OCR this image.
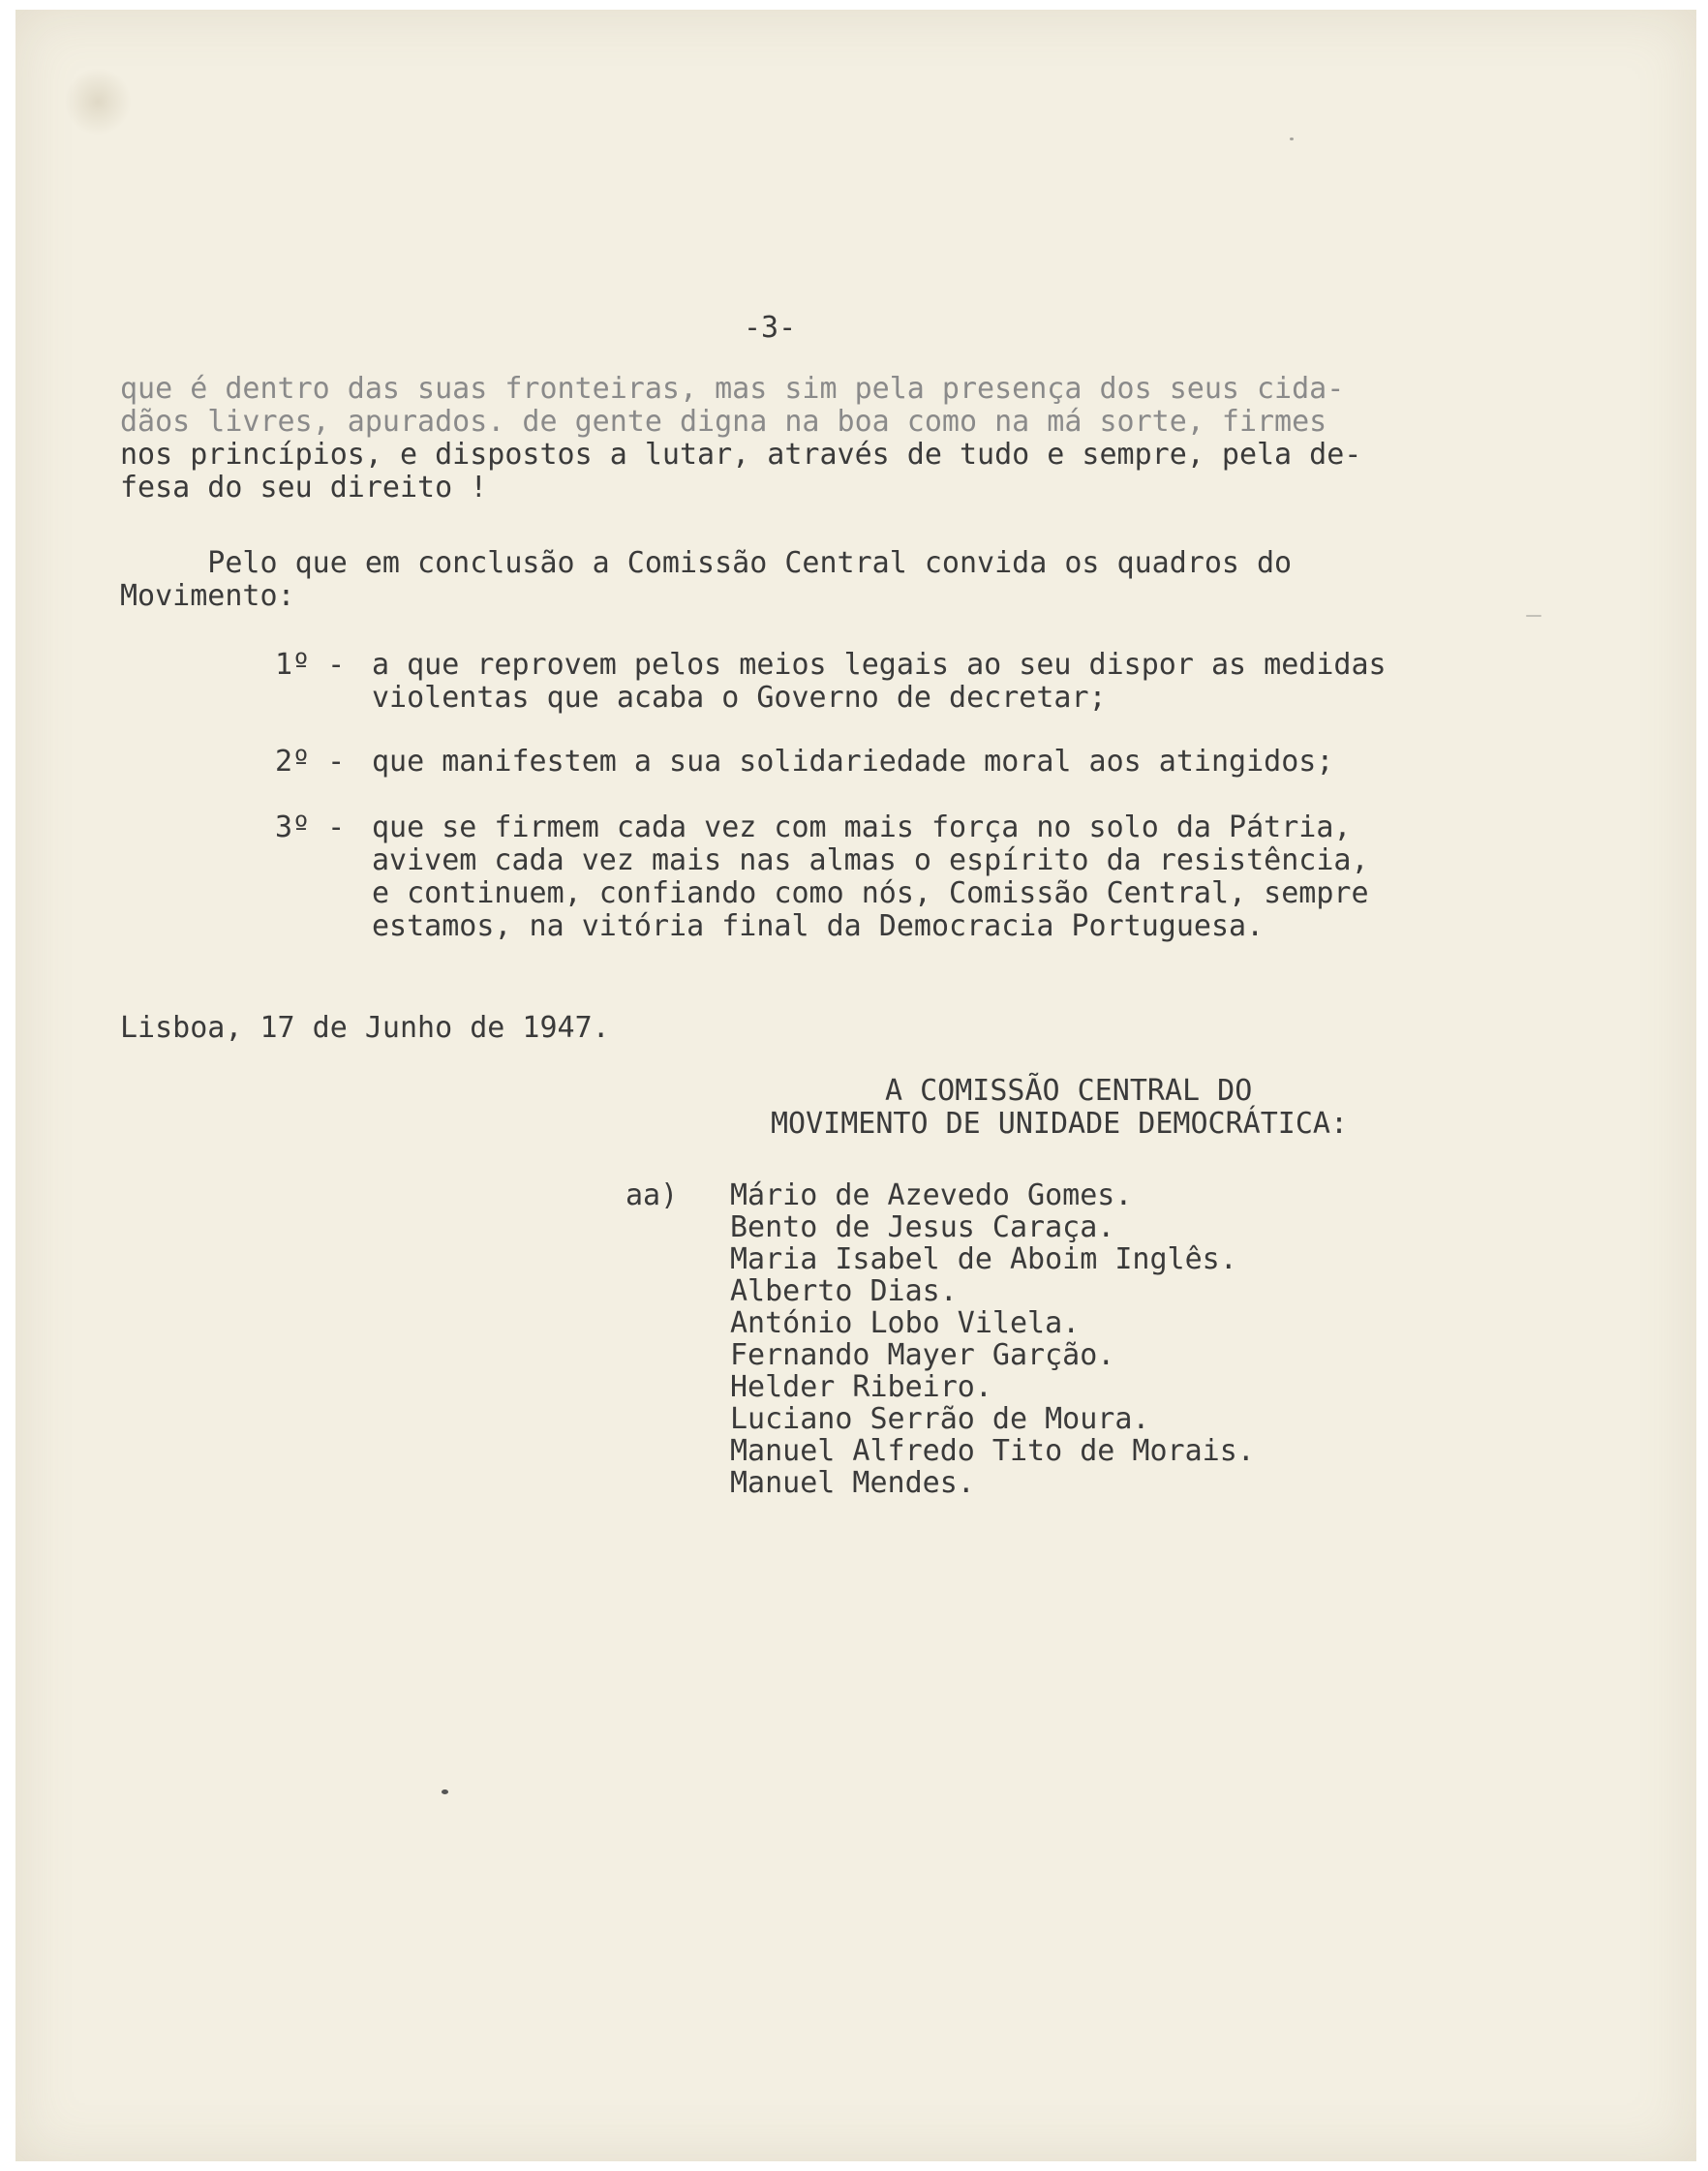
-3-

que é dentro das suas fronteiras, mas sim pela presença dos seus cida-

dãos livres, apurados. de gente digna na boa como na má sorte, firmes

nos princípios, e dispostos a lutar, através de tudo e sempre, pela de-

fesa do seu direito !

Pelo que em conclusão a Comissão Central convida os quadros do

Movimento:

1º - a que reprovem pelos meios legais ao seu dispor as medidas
violentas que acaba o Governo de decretar;
2º - que manifestem a sua solidariedade moral aos atingidos;
3º - que se firmem cada vez com mais força no solo da Pátria,
avivem cada vez mais nas almas o espírito da resistência,
e continuem, confiando como nós, Comissão Central, sempre
estamos, na vitória final da Democracia Portuguesa.

Lisboa, 17 de Junho de 1947.

A COMISSÃO CENTRAL DO

MOVIMENTO DE UNIDADE DEMOCRÁTICA:

aa) Mário de Azevedo Gomes.
Bento de Jesus Caraça.
Maria Isabel de Aboim Inglês.
Alberto Dias.
António Lobo Vilela.
Fernando Mayer Garção.
Helder Ribeiro.
Luciano Serrão de Moura.
Manuel Alfredo Tito de Morais.
Manuel Mendes.
